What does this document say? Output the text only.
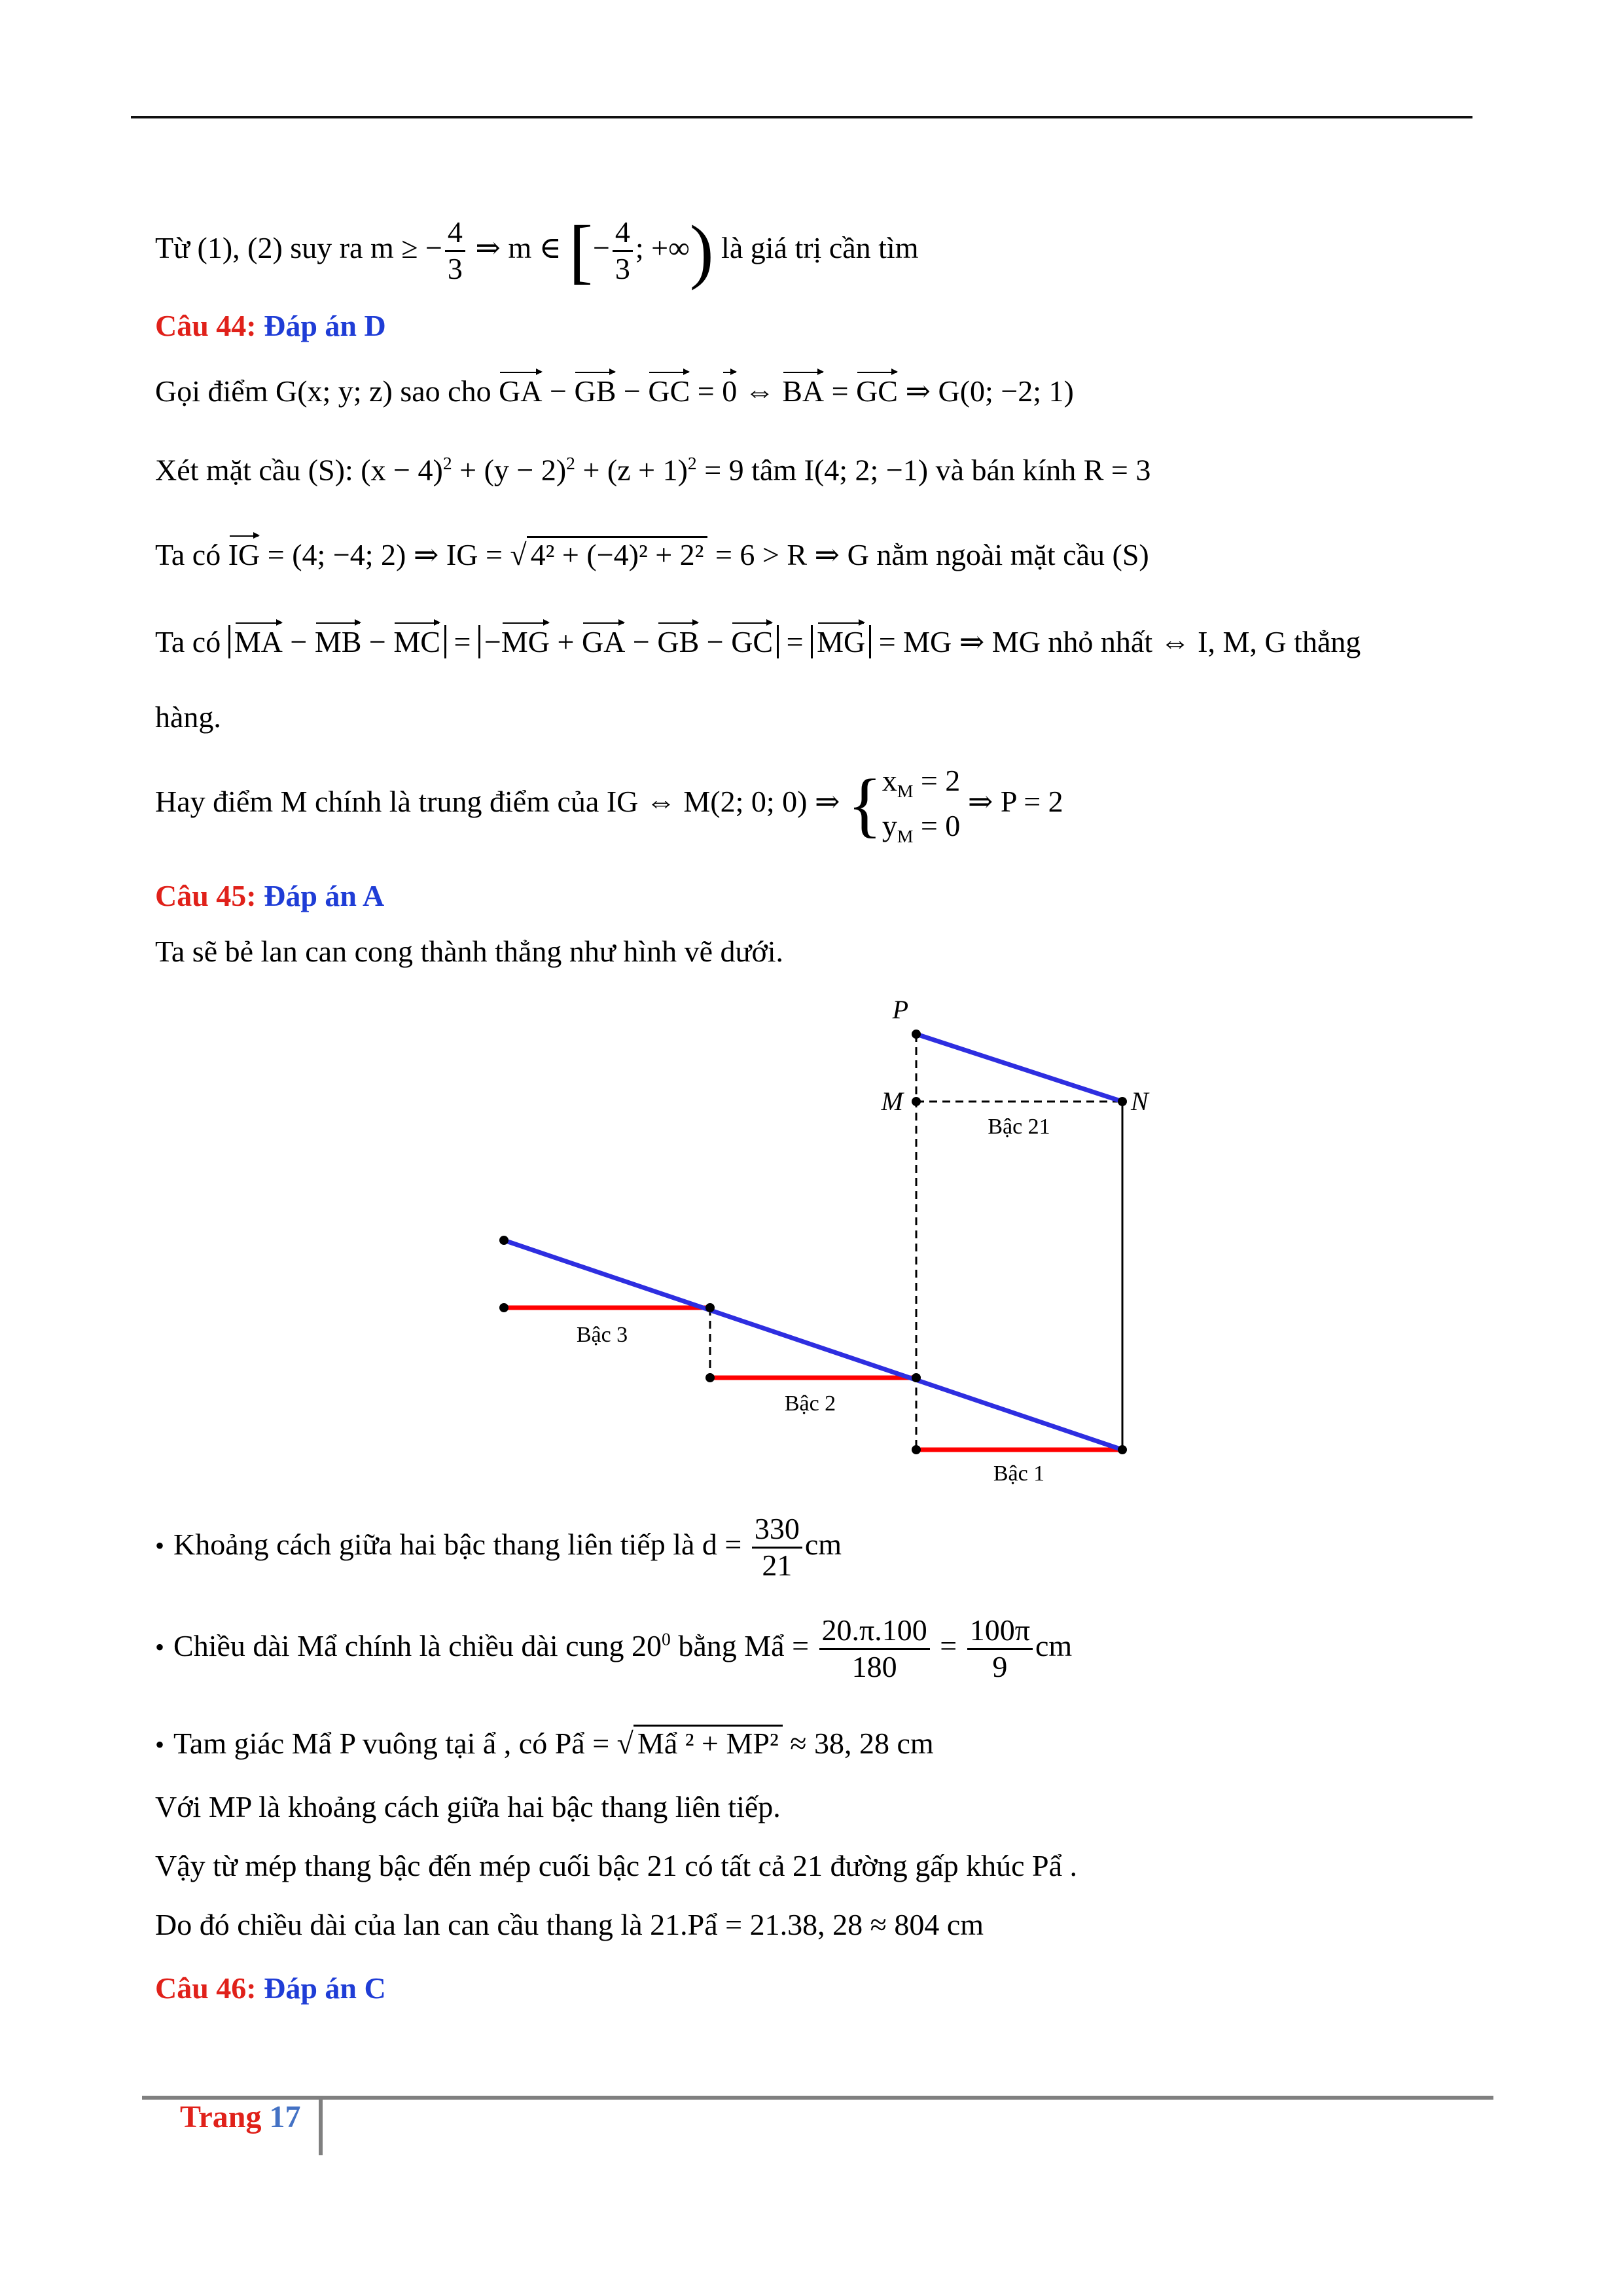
Từ (1), (2) suy ra m ≥ − $\frac{4}{3}$ ⇒ m ∈ [− $\frac{4}{3}$ ; +∞) là giá trị cần tìm
Câu 44: Đáp án D
Gọi điểm G(x; y; z) sao cho GA − GB − GC = 0 ⇔ BA = GC ⇒ G(0; −2; 1)
Xét mặt cầu (S): $(x - 4)^2 + (y - 2)^2 + (z + 1)^2 = 9$ tâm I(4; 2; −1) và bán kính R = 3
Ta có IG = (4; −4; 2) ⇒ IG = √ 4² + (−4)² + 2² = 6 > R ⇒ G nằm ngoài mặt cầu (S)
Ta có MA − MB − MC = −MG + GA − GB − GC = MG = MG ⇒ MG nhỏ nhất ⇔ I, M, G thẳng
hàng.
Hay điểm M chính là trung điểm của IG ⇔ M(2; 0; 0) ⇒ { $x_M = 2$
$y_M = 0$
⇒ P = 2
Câu 45: Đáp án A
Ta sẽ bẻ lan can cong thành thẳng như hình vẽ dưới.
P
M	N
Bậc 21
Bậc 3
Bậc 2
Bậc 1
• Khoảng cách giữa hai bậc thang liên tiếp là $d = \frac{330}{21}$ cm
• Chiều dài Mẩ chính là chiều dài cung $20^0$ bằng Mẩ = $\frac{20.\pi.100}{180} = \frac{100\pi}{9}$ cm
• Tam giác Mẩ P vuông tại ẩ , có Pẩ = √ Mẩ ² + MP² ≈ 38, 28 cm
Với MP là khoảng cách giữa hai bậc thang liên tiếp.
Vậy từ mép thang bậc đến mép cuối bậc 21 có tất cả 21 đường gấp khúc Pẩ .
Do đó chiều dài của lan can cầu thang là 21.Pẩ = 21.38, 28 ≈ 804 cm
Câu 46: Đáp án C
Trang 17
